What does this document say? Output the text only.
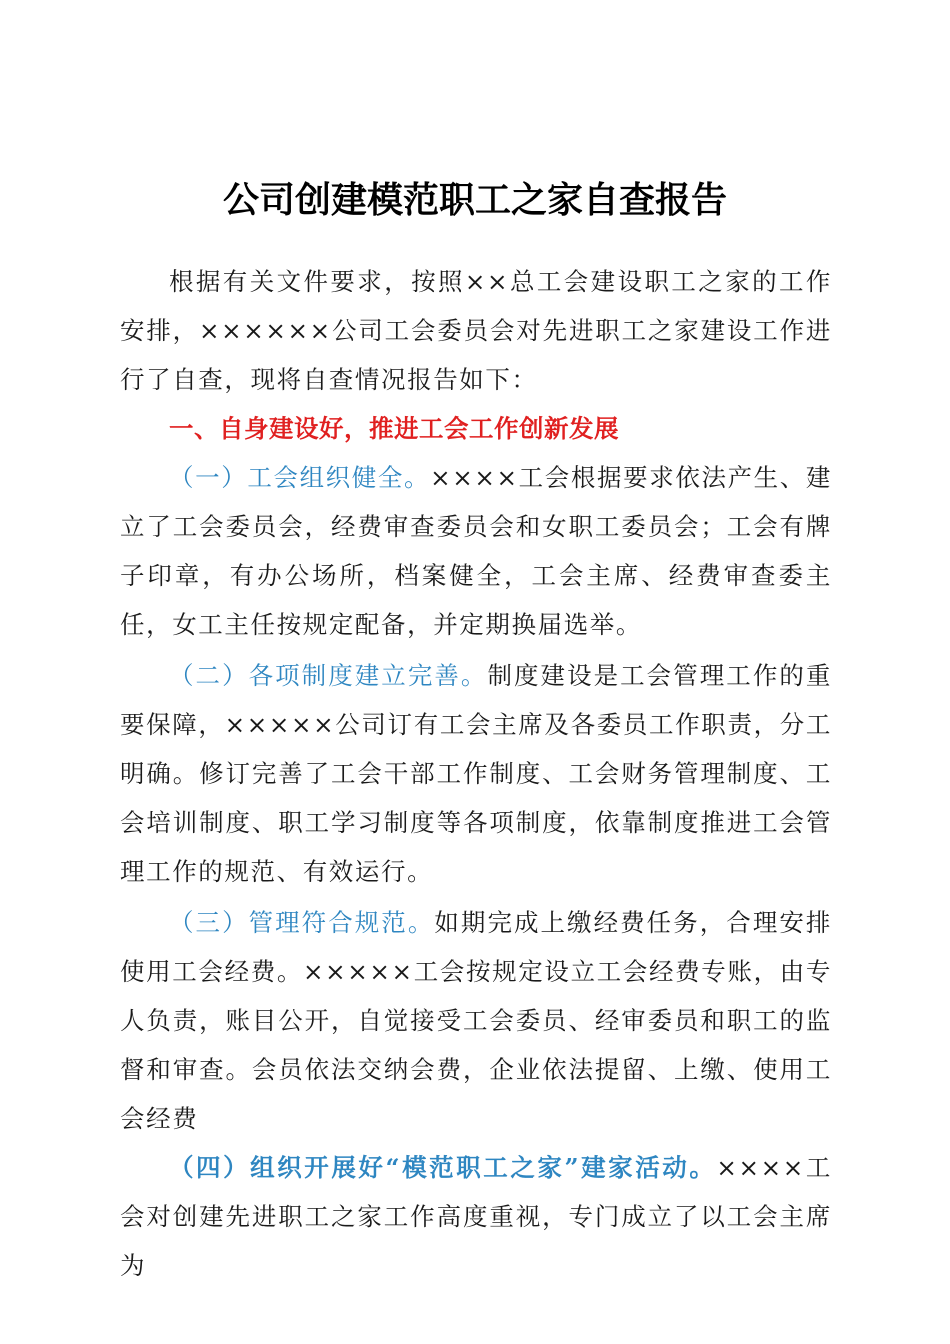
公司创建模范职工之家自查报告

根据有关文件要求，按照××总工会建设职工之家的工作安排，××××××公司工会委员会对先进职工之家建设工作进行了自查，现将自查情况报告如下：

一、自身建设好，推进工会工作创新发展

（一）工会组织健全。××××工会根据要求依法产生、建立了工会委员会，经费审查委员会和女职工委员会；工会有牌子印章，有办公场所，档案健全，工会主席、经费审查委主任，女工主任按规定配备，并定期换届选举。

（二）各项制度建立完善。制度建设是工会管理工作的重要保障，×××××公司订有工会主席及各委员工作职责，分工明确。修订完善了工会干部工作制度、工会财务管理制度、工会培训制度、职工学习制度等各项制度，依靠制度推进工会管理工作的规范、有效运行。

（三）管理符合规范。如期完成上缴经费任务，合理安排使用工会经费。×××××工会按规定设立工会经费专账，由专人负责，账目公开，自觉接受工会委员、经审委员和职工的监督和审查。会员依法交纳会费，企业依法提留、上缴、使用工会经费

（四）组织开展好“模范职工之家”建家活动。××××工会对创建先进职工之家工作高度重视，专门成立了以工会主席为
